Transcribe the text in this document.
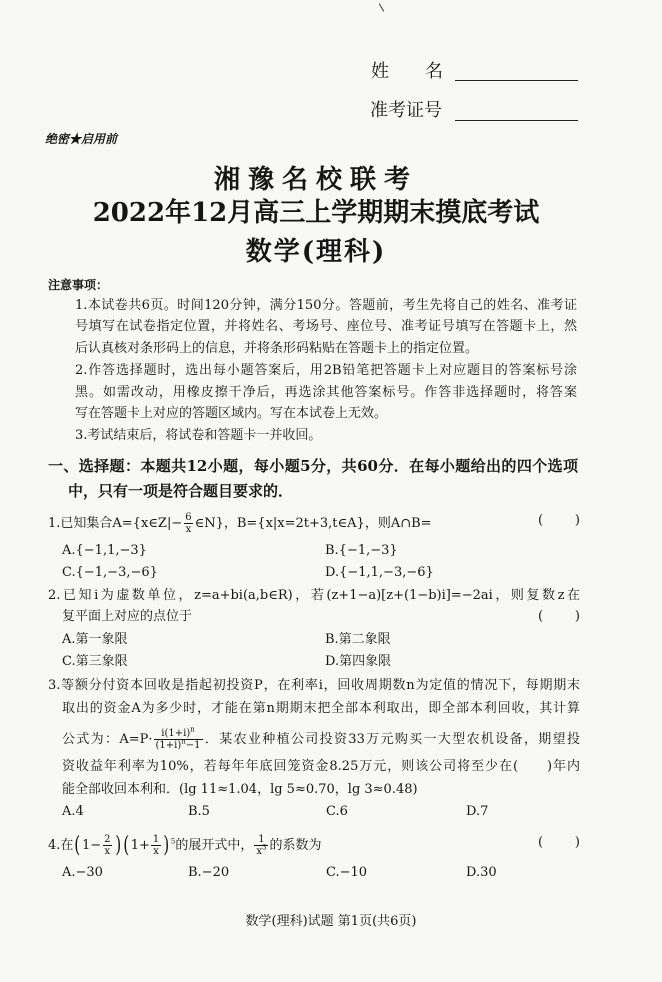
姓　　名
准考证号
绝密★启用前
湘豫名校联考
2022年12月高三上学期期末摸底考试
数学(理科)
注意事项：
1.本试卷共6页。时间120分钟，满分150分。答题前，考生先将自己的姓名、准考证
号填写在试卷指定位置，并将姓名、考场号、座位号、准考证号填写在答题卡上，然
后认真核对条形码上的信息，并将条形码粘贴在答题卡上的指定位置。
2.作答选择题时，选出每小题答案后，用2B铅笔把答题卡上对应题目的答案标号涂
黑。如需改动，用橡皮擦干净后，再选涂其他答案标号。作答非选择题时，将答案
写在答题卡上对应的答题区域内。写在本试卷上无效。
3.考试结束后，将试卷和答题卡一并收回。
一、选择题：本题共12小题，每小题5分，共60分．在每小题给出的四个选项
中，只有一项是符合题目要求的．
1.已知集合A={x∈Z|− $\frac{6}{x}$ ∈N}，B={x|x=2t+3,t∈A}，则A∩B=	(　　)
A.{−1,1,−3}	B.{−1,−3}
C.{−1,−3,−6}	D.{−1,1,−3,−6}
2.已知i为虚数单位，z=a+bi(a,b∈R)，若(z+1−a)[z+(1−b)i]=−2ai，则复数z在
复平面上对应的点位于	(　　)
A.第一象限	B.第二象限
C.第三象限	D.第四象限
3.等额分付资本回收是指起初投资P，在利率i，回收周期数n为定值的情况下，每期期末
取出的资金A为多少时，才能在第n期期末把全部本利取出，即全部本利回收，其计算
公式为：$A=P\cdot \frac{i(1+i)^n}{(1+i)^n-1}$ ．某农业种植公司投资33万元购买一大型农机设备，期望投
资收益年利率为10%，若每年年底回笼资金8.25万元，则该公司将至少在(　　)年内
能全部收回本利和．(lg 11≈1.04，lg 5≈0.70，lg 3≈0.48)
A.4	B.5	C.6	D.7
4.在($1- \frac{2}{x}$ ) $(1+ \frac{1}{x} )^5$的展开式中， $\frac{1}{x^3}$ 的系数为	(　　)
A.−30	B.−20	C.−10	D.30
数学(理科)试题 第1页(共6页)
